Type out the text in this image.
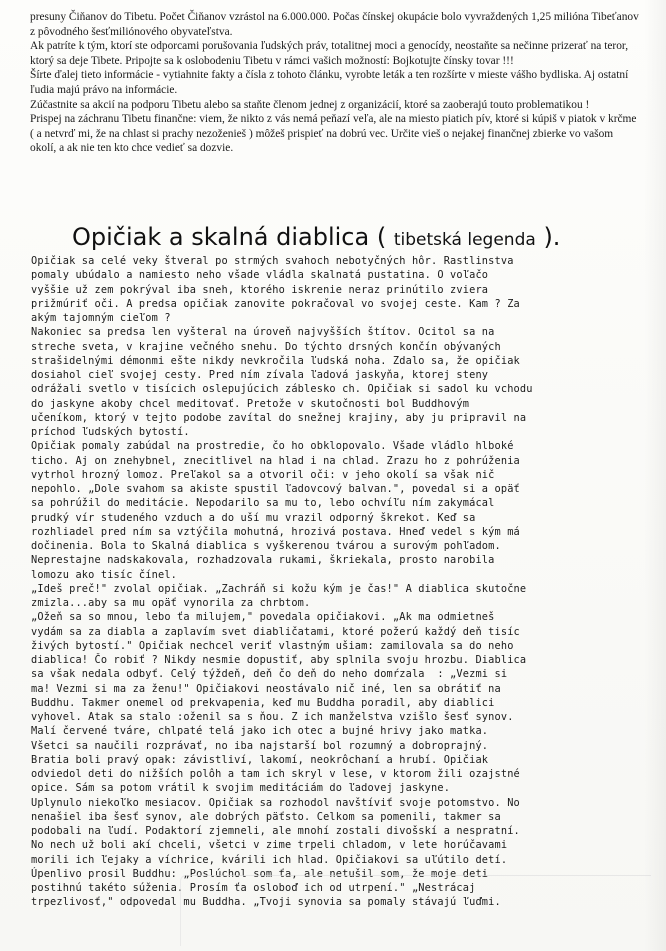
presuny Čiňanov do Tibetu. Počet Čiňanov vzrástol na 6.000.000. Počas čínskej okupácie bolo vyvraždených 1,25 milióna Tibeťanov z pôvodného šesťmiliónového obyvateľstva.

Ak patríte k tým, ktorí ste odporcami porušovania ľudských práv, totalitnej moci a genocídy, neostaňte sa nečinne prizerať na teror, ktorý sa deje Tibete. Pripojte sa k oslobodeniu Tibetu v rámci vašich možností: Bojkotujte čínsky tovar !!!

Šírte ďalej tieto informácie - vytiahnite fakty a čísla z tohoto článku, vyrobte leták a ten rozšírte v mieste vášho bydliska. Aj ostatní ľudia majú právo na informácie.

Zúčastnite sa akcií na podporu Tibetu alebo sa staňte členom jednej z organizácií, ktoré sa zaoberajú touto problematikou !

Prispej na záchranu Tibetu finančne: viem, že nikto z vás nemá peňazí veľa, ale na miesto piatich pív, ktoré si kúpiš v piatok v krčme ( a netvrď mi, že na chlast si prachy nezoženieš ) môžeš prispieť na dobrú vec. Určite vieš o nejakej finančnej zbierke vo vašom okolí, a ak nie ten kto chce vedieť sa dozvie.

Opičiak a skalná diablica ( tibetská legenda ).
Opičiak sa celé veky štveral po strmých svahoch nebotyčných hôr. Rastlinstva
pomaly ubúdalo a namiesto neho všade vládla skalnatá pustatina. O voľačo
vyššie už zem pokrýval iba sneh, ktorého iskrenie neraz prinútilo zviera
prižmúriť oči. A predsa opičiak zanovite pokračoval vo svojej ceste. Kam ? Za
akým tajomným cieľom ?
Nakoniec sa predsa len vyšteral na úroveň najvyšších štítov. Ocitol sa na
streche sveta, v krajine večného snehu. Do týchto drsných končín obývaných
strašidelnými démonmi ešte nikdy nevkročila ľudská noha. Zdalo sa, že opičiak
dosiahol cieľ svojej cesty. Pred ním zívala ľadová jaskyňa, ktorej steny
odrážali svetlo v tisícich oslepujúcich záblesko ch. Opičiak si sadol ku vchodu
do jaskyne akoby chcel meditovať. Pretože v skutočnosti bol Buddhovým
učeníkom, ktorý v tejto podobe zavítal do snežnej krajiny, aby ju pripravil na
príchod ľudských bytostí.
Opičiak pomaly zabúdal na prostredie, čo ho obklopovalo. Všade vládlo hlboké
ticho. Aj on znehybnel, znecitlivel na hlad i na chlad. Zrazu ho z pohrúženia
vytrhol hrozný lomoz. Preľakol sa a otvoril oči: v jeho okolí sa však nič
nepohlo. „Dole svahom sa akiste spustil ľadovcový balvan.", povedal si a opäť
sa pohrúžil do meditácie. Nepodarilo sa mu to, lebo ochvíľu ním zakymácal
prudký vír studeného vzduch a do uší mu vrazil odporný škrekot. Keď sa
rozhliadel pred ním sa vztýčila mohutná, hrozivá postava. Hneď vedel s kým má
dočinenia. Bola to Skalná diablica s vyškerenou tvárou a surovým pohľadom.
Neprestajne nadskakovala, rozhadzovala rukami, škriekala, prosto narobila
lomozu ako tisíc čínel.
„Ideš preč!" zvolal opičiak. „Zachráň si kožu kým je čas!" A diablica skutočne
zmizla...aby sa mu opäť vynorila za chrbtom.
„Ožeň sa so mnou, lebo ťa milujem," povedala opičiakovi. „Ak ma odmietneš
vydám sa za diabla a zaplavím svet diabličatami, ktoré požerú každý deň tisíc
živých bytostí." Opičiak nechcel veriť vlastným ušiam: zamilovala sa do neho
diablica! Čo robiť ? Nikdy nesmie dopustiť, aby splnila svoju hrozbu. Diablica
sa však nedala odbyť. Celý týždeň, deň čo deň do neho domŕzala  : „Vezmi si
ma! Vezmi si ma za ženu!" Opičiakovi neostávalo nič iné, len sa obrátiť na
Buddhu. Takmer onemel od prekvapenia, keď mu Buddha poradil, aby diablici
vyhovel. Atak sa stalo :oženil sa s ňou. Z ich manželstva vzišlo šesť synov.
Malí červené tváre, chlpaté telá jako ich otec a bujné hrivy jako matka.
Všetci sa naučili rozprávať, no iba najstarší bol rozumný a dobroprajný.
Bratia boli pravý opak: závistliví, lakomí, neokrôchaní a hrubí. Opičiak
odviedol deti do nižších polôh a tam ich skryl v lese, v ktorom žili ozajstné
opice. Sám sa potom vrátil k svojim meditáciám do ľadovej jaskyne.
Uplynulo niekoľko mesiacov. Opičiak sa rozhodol navštíviť svoje potomstvo. No
nenašiel iba šesť synov, ale dobrých päťsto. Celkom sa pomenili, takmer sa
podobali na ľudí. Podaktorí zjemneli, ale mnohí zostali divošskí a nespratní.
No nech už boli akí chceli, všetci v zime trpeli chladom, v lete horúčavami
morili ich ľejaky a víchrice, kvárili ich hlad. Opičiakovi sa uľútilo detí.
Úpenlivo prosil Buddhu: „Poslúchol som ťa, ale netušil som, že moje deti
postihnú takéto súženia. Prosím ťa osloboď ich od utrpení." „Nestrácaj
trpezlivosť," odpovedal mu Buddha. „Tvoji synovia sa pomaly stávajú ľuďmi.
